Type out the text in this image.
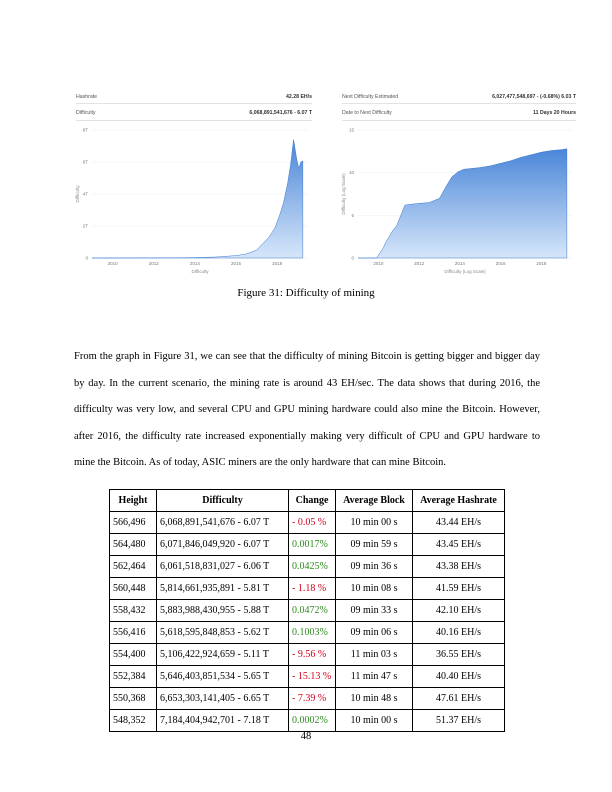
Hashrate	42.28 EH/s
Difficulty	6,068,891,541,676 - 6.07 T
0
2T
4T
6T
8T
2010	2012	2014	2016	2018
Difficulty
Difficulty
Next Difficulty Estimated	6,027,477,548,697 - (-0.68%) 6.03 T
Date to Next Difficulty	11 Days 20 Hours
0
5
10
15
2010	2012	2014	2016	2018
Difficulty (Log Scale)
Difficulty (Log Scale)
Figure 31: Difficulty of mining

From the graph in Figure 31, we can see that the difficulty of mining Bitcoin is getting bigger and bigger day by day. In the current scenario, the mining rate is around 43 EH/sec. The data shows that during 2016, the difficulty was very low, and several CPU and GPU mining hardware could also mine the Bitcoin. However, after 2016, the difficulty rate increased exponentially making very difficult of CPU and GPU hardware to mine the Bitcoin. As of today, ASIC miners are the only hardware that can mine Bitcoin.

Height	Difficulty	Change	Average Block	Average Hashrate
566,496	6,068,891,541,676 - 6.07 T	- 0.05 %	10 min 00 s	43.44 EH/s
564,480	6,071,846,049,920 - 6.07 T	0.0017%	09 min 59 s	43.45 EH/s
562,464	6,061,518,831,027 - 6.06 T	0.0425%	09 min 36 s	43.38 EH/s
560,448	5,814,661,935,891 - 5.81 T	- 1.18 %	10 min 08 s	41.59 EH/s
558,432	5,883,988,430,955 - 5.88 T	0.0472%	09 min 33 s	42.10 EH/s
556,416	5,618,595,848,853 - 5.62 T	0.1003%	09 min 06 s	40.16 EH/s
554,400	5,106,422,924,659 - 5.11 T	- 9.56 %	11 min 03 s	36.55 EH/s
552,384	5,646,403,851,534 - 5.65 T	- 15.13 %	11 min 47 s	40.40 EH/s
550,368	6,653,303,141,405 - 6.65 T	- 7.39 %	10 min 48 s	47.61 EH/s
548,352	7,184,404,942,701 - 7.18 T	0.0002%	10 min 00 s	51.37 EH/s
48
